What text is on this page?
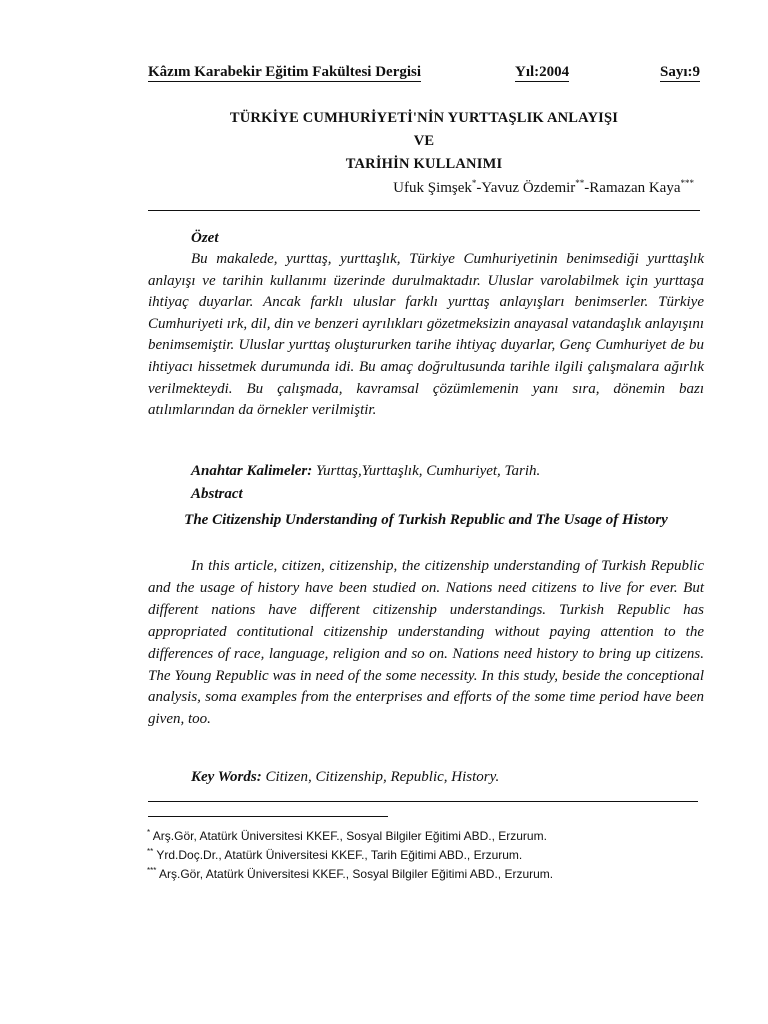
Kâzım Karabekir Eğitim Fakültesi Dergisi	Yıl:2004	Sayı:9
TÜRKİYE CUMHURİYETİ'NİN YURTTAŞLIK ANLAYIŞI
VE
TARİHİN KULLANIMI
Ufuk Şimşek*-Yavuz Özdemir**-Ramazan Kaya***
Özet
Bu makalede, yurttaş, yurttaşlık, Türkiye Cumhuriyetinin benimsediği yurttaşlık anlayışı ve tarihin kullanımı üzerinde durulmaktadır. Uluslar varolabilmek için yurttaşa ihtiyaç duyarlar. Ancak farklı uluslar farklı yurttaş anlayışları benimserler. Türkiye Cumhuriyeti ırk, dil, din ve benzeri ayrılıkları gözetmeksizin anayasal vatandaşlık anlayışını benimsemiştir. Uluslar yurttaş oluştururken tarihe ihtiyaç duyarlar, Genç Cumhuriyet de bu ihtiyacı hissetmek durumunda idi. Bu amaç doğrultusunda tarihle ilgili çalışmalara ağırlık verilmekteydi. Bu çalışmada, kavramsal çözümlemenin yanı sıra, dönemin bazı atılımlarından da örnekler verilmiştir.
Anahtar Kalimeler: Yurttaş,Yurttaşlık, Cumhuriyet, Tarih.
Abstract
The Citizenship Understanding of Turkish Republic and The Usage of History
In this article, citizen, citizenship, the citizenship understanding of Turkish Republic and the usage of history have been studied on. Nations need citizens to live for ever. But different nations have different citizenship understandings. Turkish Republic has appropriated contitutional citizenship understanding without paying attention to the differences of race, language, religion and so on. Nations need history to bring up citizens. The Young Republic was in need of the some necessity. In this study, beside the conceptional analysis, soma examples from the enterprises and efforts of the some time period have been given, too.
Key Words: Citizen, Citizenship, Republic, History.
* Arş.Gör, Atatürk Üniversitesi KKEF., Sosyal Bilgiler Eğitimi ABD., Erzurum.
** Yrd.Doç.Dr., Atatürk Üniversitesi KKEF., Tarih Eğitimi ABD., Erzurum.
*** Arş.Gör, Atatürk Üniversitesi KKEF., Sosyal Bilgiler Eğitimi ABD., Erzurum.
